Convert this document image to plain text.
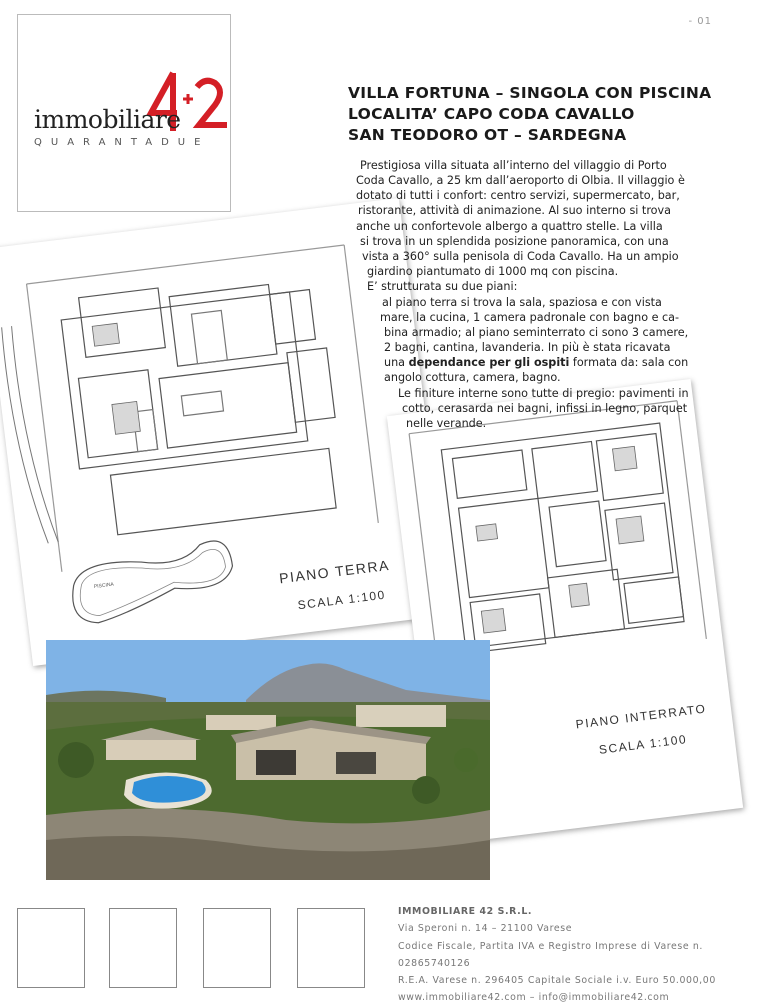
- 01
immobiliare
QUARANTADUE
VILLA FORTUNA – SINGOLA CON PISCINA
LOCALITA’ CAPO CODA CAVALLO
SAN TEODORO OT – SARDEGNA
PISCINA	PIANO TERRA
SCALA 1:100
PIANO INTERRATO
SCALA 1:100
Prestigiosa villa situata all’interno del villaggio di Porto
Coda Cavallo, a 25 km dall’aeroporto di Olbia. Il villaggio è
dotato di tutti i confort: centro servizi, supermercato, bar,
ristorante, attività di animazione. Al suo interno si trova
anche un confortevole albergo a quattro stelle. La villa
si trova in un splendida posizione panoramica, con una
vista a 360° sulla penisola di Coda Cavallo. Ha un ampio
giardino piantumato di 1000 mq con piscina.
E’ strutturata su due piani:
al piano terra si trova la sala, spaziosa e con vista
mare, la cucina, 1 camera padronale con bagno e ca-
bina armadio; al piano seminterrato ci sono 3 camere,
2 bagni, cantina, lavanderia. In più è stata ricavata
una dependance per gli ospiti formata da: sala con
angolo cottura, camera, bagno.
Le finiture interne sono tutte di pregio: pavimenti in
cotto, cerasarda nei bagni, infissi in legno, parquet
nelle verande.
IMMOBILIARE 42 S.R.L.
Via Speroni n. 14 – 21100 Varese
Codice Fiscale, Partita IVA e Registro Imprese di Varese n. 02865740126
R.E.A. Varese n. 296405 Capitale Sociale i.v. Euro 50.000,00
www.immobiliare42.com – info@immobiliare42.com
